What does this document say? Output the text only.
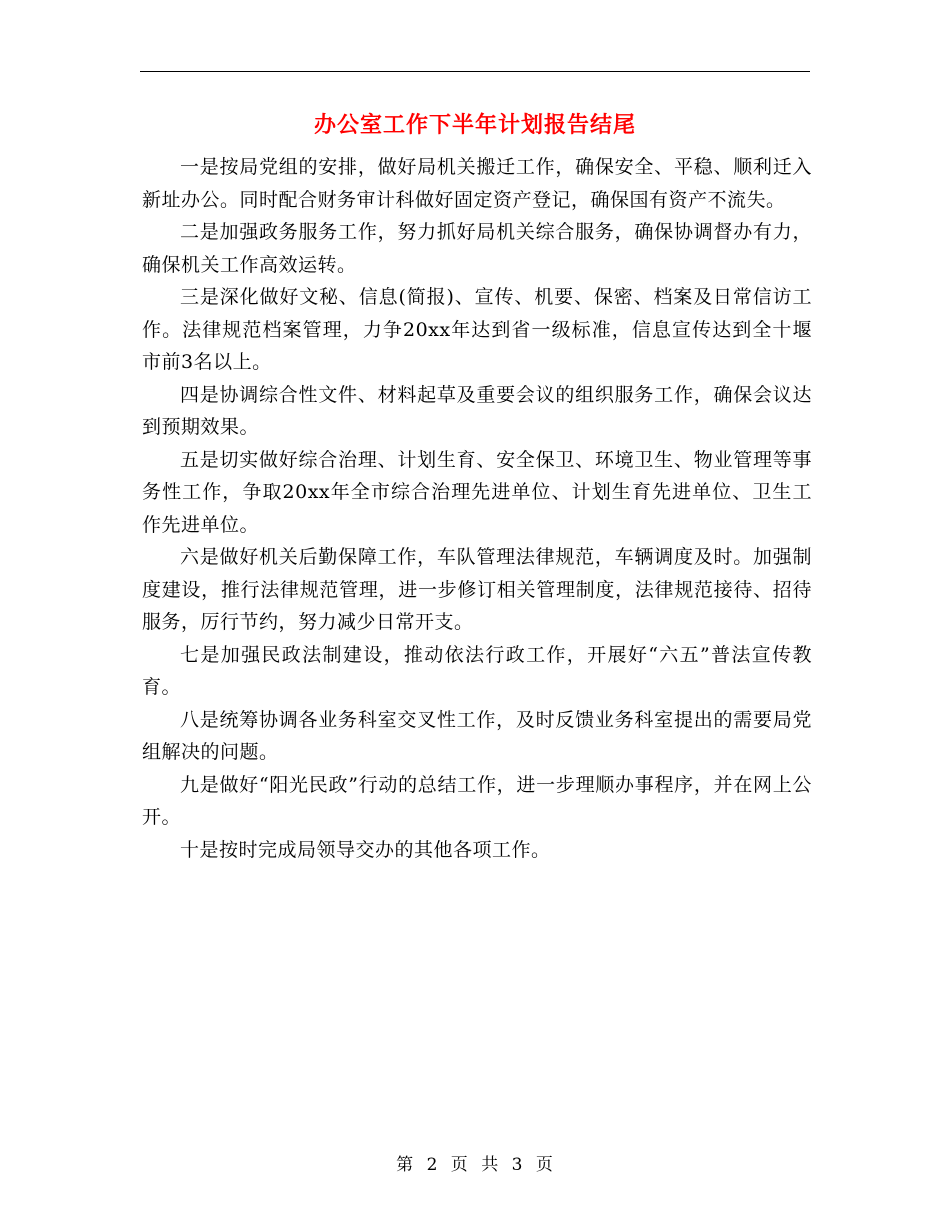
办公室工作下半年计划报告结尾

一是按局党组的安排，做好局机关搬迁工作，确保安全、平稳、顺利迁入新址办公。同时配合财务审计科做好固定资产登记，确保国有资产不流失。

二是加强政务服务工作，努力抓好局机关综合服务，确保协调督办有力，确保机关工作高效运转。

三是深化做好文秘、信息(简报)、宣传、机要、保密、档案及日常信访工作。法律规范档案管理，力争20xx年达到省一级标准，信息宣传达到全十堰市前3名以上。

四是协调综合性文件、材料起草及重要会议的组织服务工作，确保会议达到预期效果。

五是切实做好综合治理、计划生育、安全保卫、环境卫生、物业管理等事务性工作，争取20xx年全市综合治理先进单位、计划生育先进单位、卫生工作先进单位。

六是做好机关后勤保障工作，车队管理法律规范，车辆调度及时。加强制度建设，推行法律规范管理，进一步修订相关管理制度，法律规范接待、招待服务，厉行节约，努力减少日常开支。

七是加强民政法制建设，推动依法行政工作，开展好“六五”普法宣传教育。

八是统筹协调各业务科室交叉性工作，及时反馈业务科室提出的需要局党组解决的问题。

九是做好“阳光民政”行动的总结工作，进一步理顺办事程序，并在网上公开。

十是按时完成局领导交办的其他各项工作。

第 2 页 共 3 页
